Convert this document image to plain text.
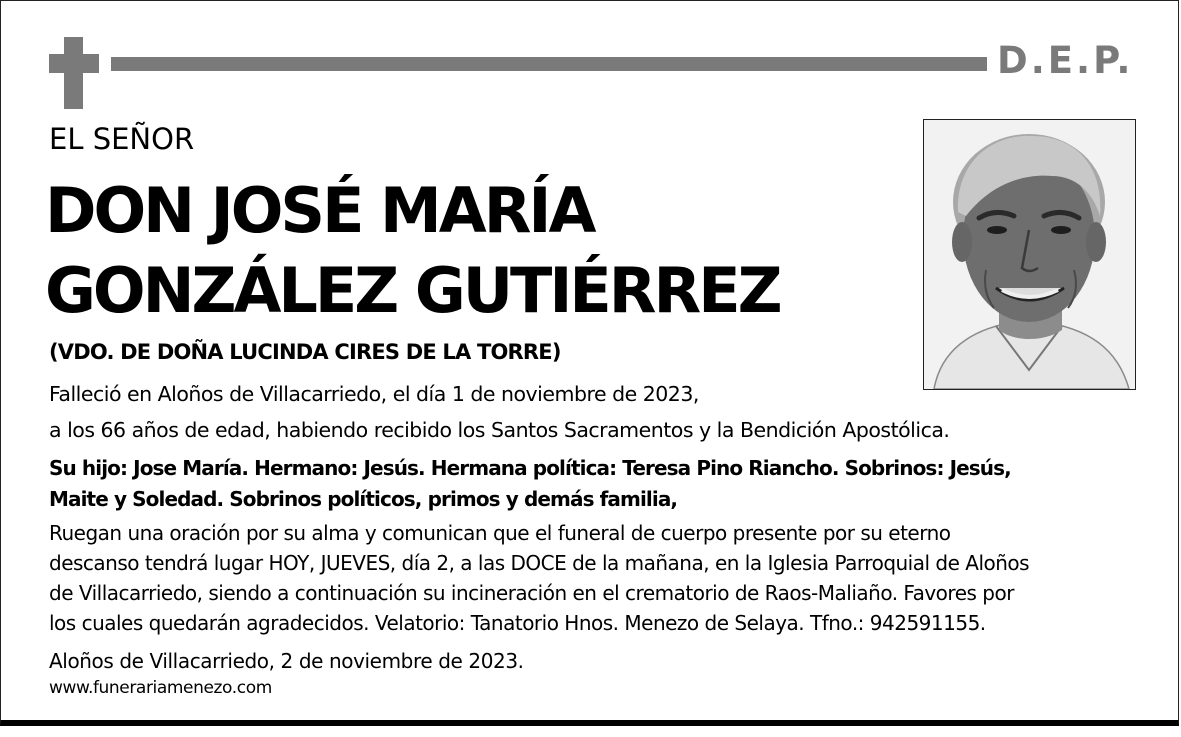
D.E.P.
EL SEÑOR
DON JOSÉ MARÍA
GONZÁLEZ GUTIÉRREZ
(VDO. DE DOÑA LUCINDA CIRES DE LA TORRE)
Falleció en Aloños de Villacarriedo, el día 1 de noviembre de 2023,
a los 66 años de edad, habiendo recibido los Santos Sacramentos y la Bendición Apostólica.
Su hijo: Jose María. Hermano: Jesús. Hermana política: Teresa Pino Riancho. Sobrinos: Jesús,
Maite y Soledad. Sobrinos políticos, primos y demás familia,
Ruegan una oración por su alma y comunican que el funeral de cuerpo presente por su eterno
descanso tendrá lugar HOY, JUEVES, día 2, a las DOCE de la mañana, en la Iglesia Parroquial de Aloños
de Villacarriedo, siendo a continuación su incineración en el crematorio de Raos-Maliaño. Favores por
los cuales quedarán agradecidos. Velatorio: Tanatorio Hnos. Menezo de Selaya. Tfno.: 942591155.
Aloños de Villacarriedo, 2 de noviembre de 2023.
www.funerariamenezo.com
